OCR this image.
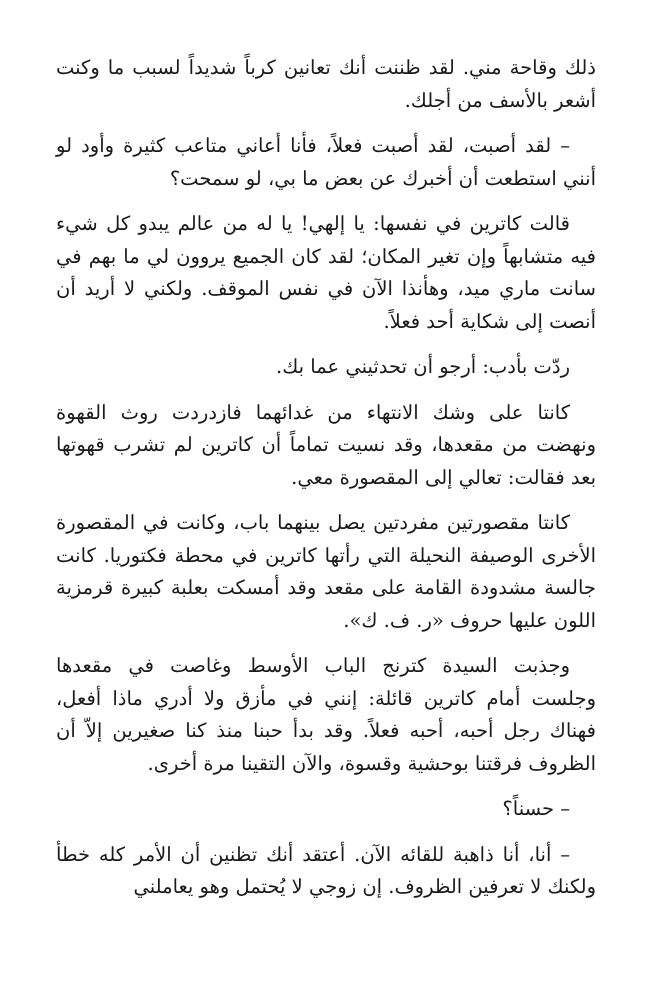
ذلك وقاحة مني. لقد ظننت أنك تعانين كرباً شديداً لسبب ما وكنت أشعر بالأسف من أجلك.

– لقد أصبت، لقد أصبت فعلاً، فأنا أعاني متاعب كثيرة وأود لو أنني استطعت أن أخبرك عن بعض ما بي، لو سمحت؟

قالت كاترين في نفسها: يا إلهي! يا له من عالم يبدو كل شيء فيه متشابهاً وإن تغير المكان؛ لقد كان الجميع يروون لي ما بهم في سانت ماري ميد، وهأنذا الآن في نفس الموقف. ولكني لا أريد أن أنصت إلى شكاية أحد فعلاً.

ردّت بأدب: أرجو أن تحدثيني عما بك.

كانتا على وشك الانتهاء من غدائهما فازدردت روث القهوة ونهضت من مقعدها، وقد نسيت تماماً أن كاترين لم تشرب قهوتها بعد فقالت: تعالي إلى المقصورة معي.

كانتا مقصورتين مفردتين يصل بينهما باب، وكانت في المقصورة الأخرى الوصيفة النحيلة التي رأتها كاترين في محطة فكتوريا. كانت جالسة مشدودة القامة على مقعد وقد أمسكت بعلبة كبيرة قرمزية اللون عليها حروف «ر. ف. ك».

وجذبت السيدة كترنج الباب الأوسط وغاصت في مقعدها وجلست أمام كاترين قائلة: إنني في مأزق ولا أدري ماذا أفعل، فهناك رجل أحبه، أحبه فعلاً. وقد بدأ حبنا منذ كنا صغيرين إلاّ أن الظروف فرقتنا بوحشية وقسوة، والآن التقينا مرة أخرى.

– حسناً؟

– أنا، أنا ذاهبة للقائه الآن. أعتقد أنك تظنين أن الأمر كله خطأ ولكنك لا تعرفين الظروف. إن زوجي لا يُحتمل وهو يعاملني
